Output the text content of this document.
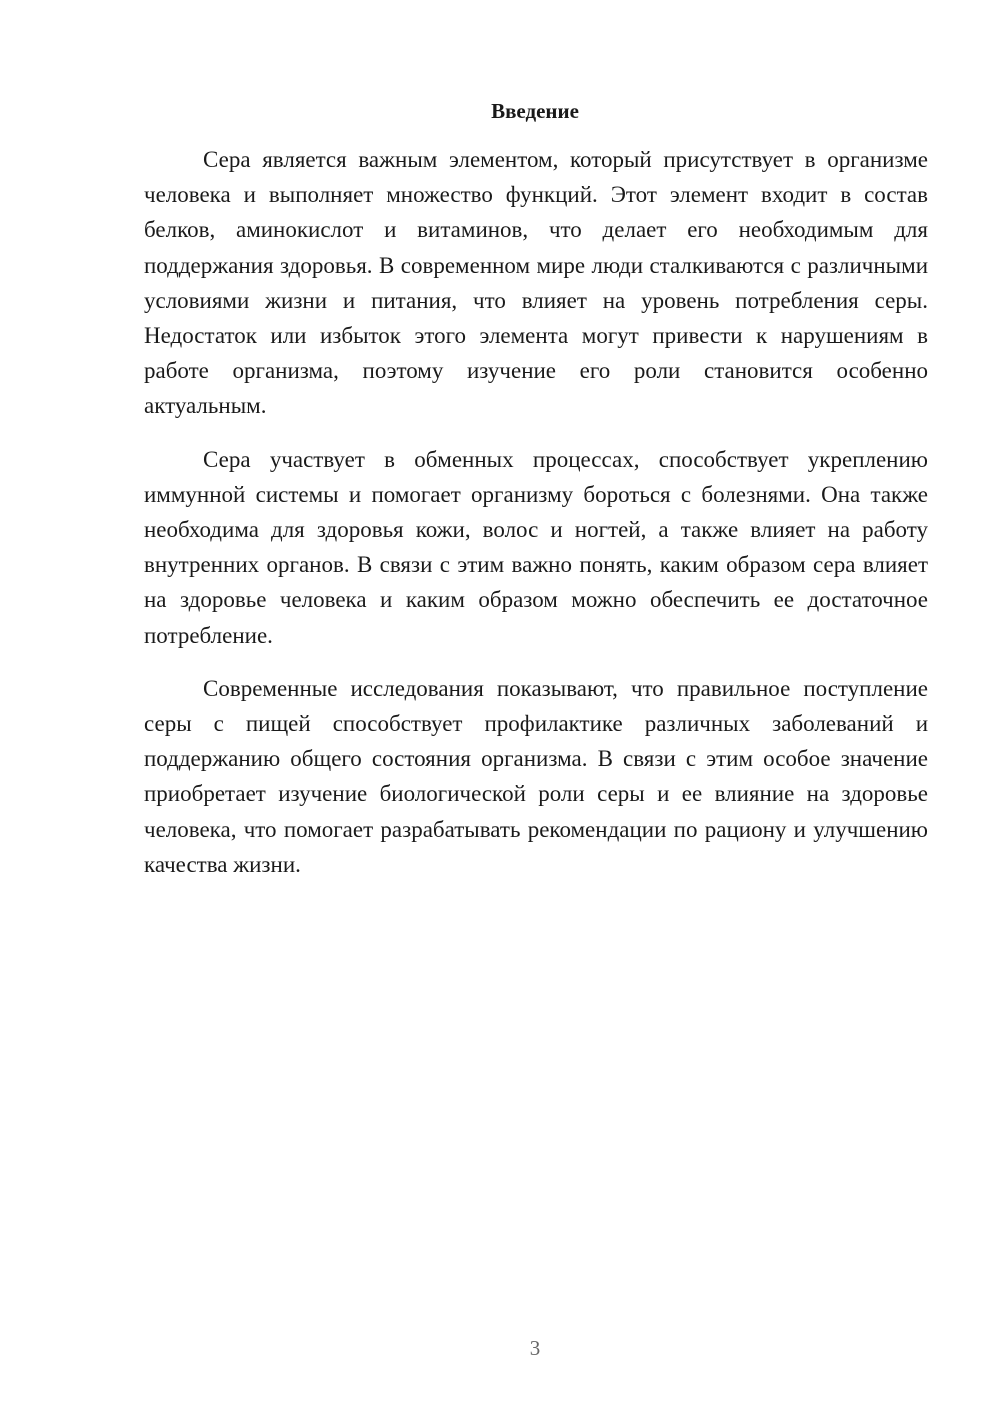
Введение

Сера является важным элементом, который присутствует в организме человека и выполняет множество функций. Этот элемент входит в состав белков, аминокислот и витаминов, что делает его необходимым для поддержания здоровья. В современном мире люди сталкиваются с различными условиями жизни и питания, что влияет на уровень потребления серы. Недостаток или избыток этого элемента могут привести к нарушениям в работе организма, поэтому изучение его роли становится особенно актуальным.

Сера участвует в обменных процессах, способствует укреплению иммунной системы и помогает организму бороться с болезнями. Она также необходима для здоровья кожи, волос и ногтей, а также влияет на работу внутренних органов. В связи с этим важно понять, каким образом сера влияет на здоровье человека и каким образом можно обеспечить ее достаточное потребление.

Современные исследования показывают, что правильное поступление серы с пищей способствует профилактике различных заболеваний и поддержанию общего состояния организма. В связи с этим особое значение приобретает изучение биологической роли серы и ее влияние на здоровье человека, что помогает разрабатывать рекомендации по рациону и улучшению качества жизни.

3
